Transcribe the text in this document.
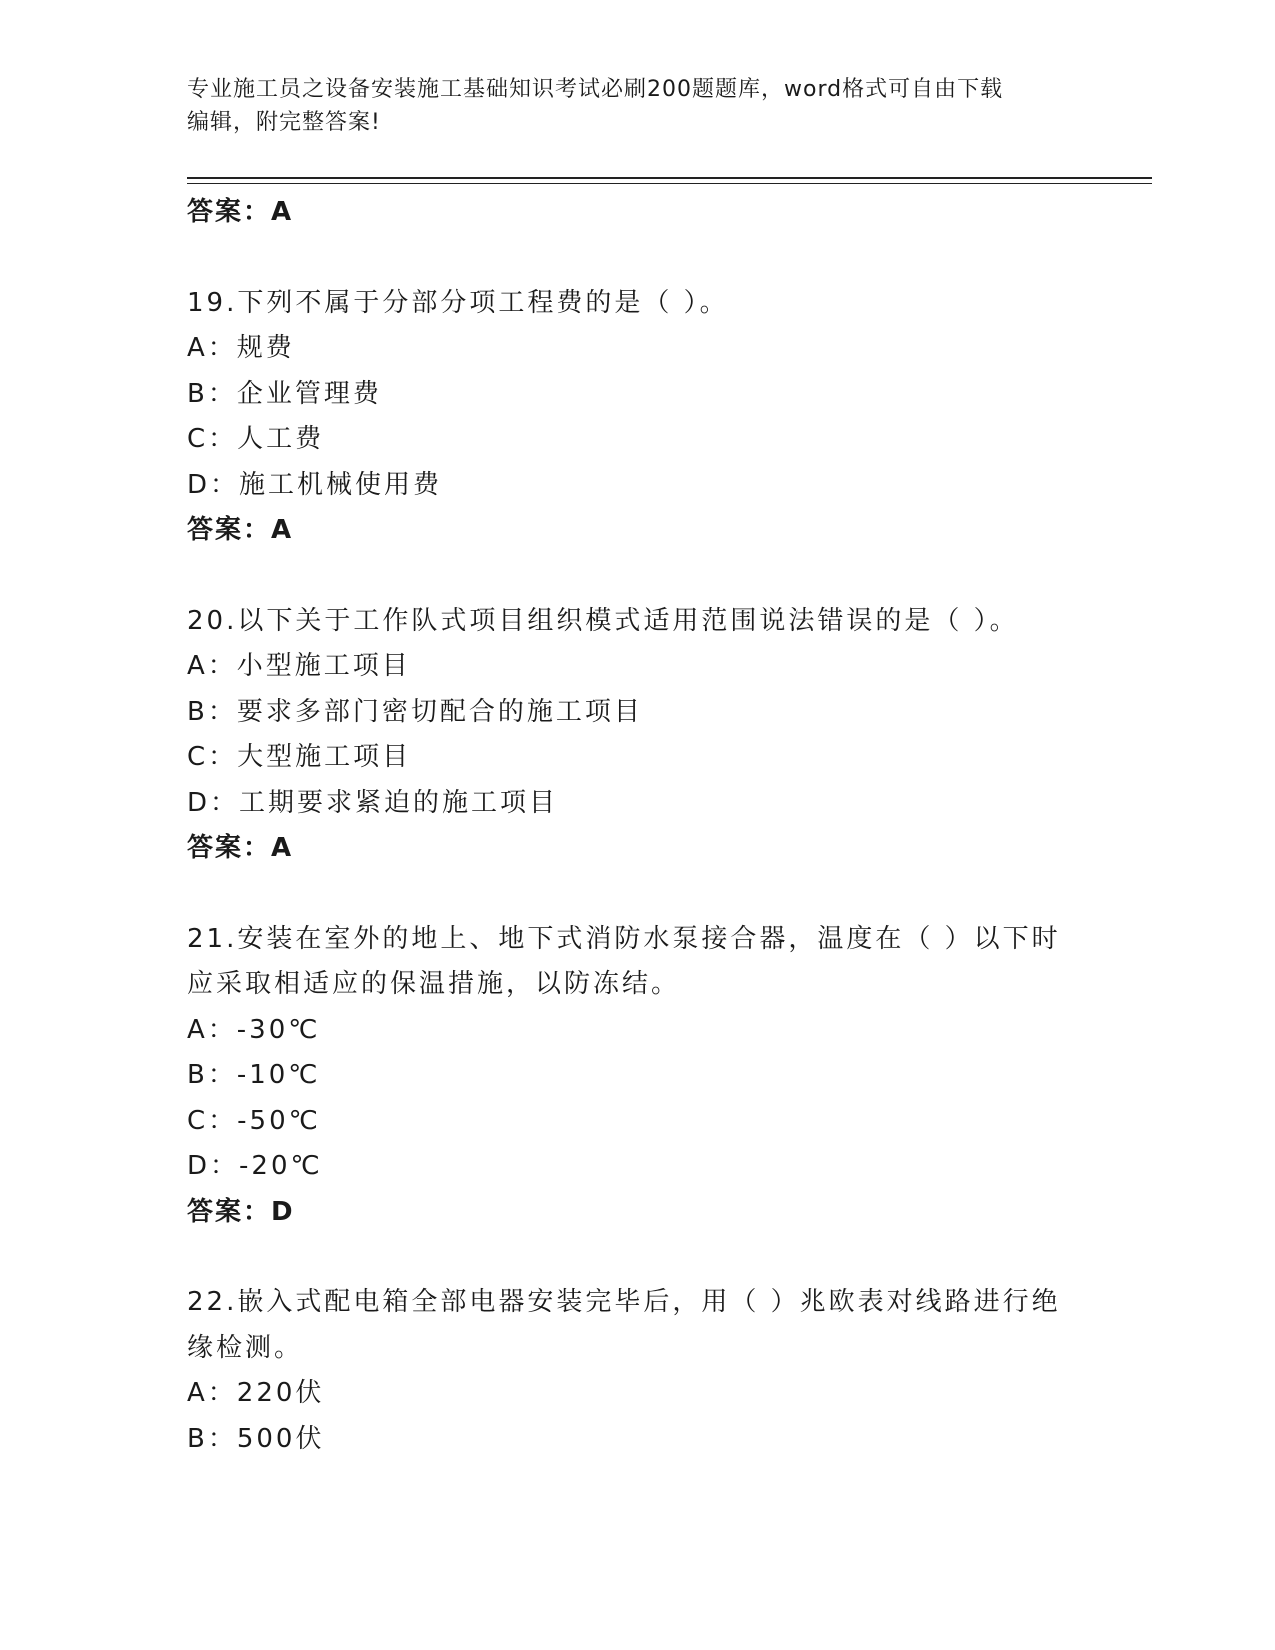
专业施工员之设备安装施工基础知识考试必刷200题题库，word格式可自由下载
编辑，附完整答案!
答案：A
19.下列不属于分部分项工程费的是（ ）。
A：规费
B：企业管理费
C：人工费
D：施工机械使用费
答案：A
20.以下关于工作队式项目组织模式适用范围说法错误的是（ ）。
A：小型施工项目
B：要求多部门密切配合的施工项目
C：大型施工项目
D：工期要求紧迫的施工项目
答案：A
21.安装在室外的地上、地下式消防水泵接合器，温度在（ ）以下时
应采取相适应的保温措施，以防冻结。
A：-30℃
B：-10℃
C：-50℃
D：-20℃
答案：D
22.嵌入式配电箱全部电器安装完毕后，用（ ）兆欧表对线路进行绝
缘检测。
A：220伏
B：500伏
